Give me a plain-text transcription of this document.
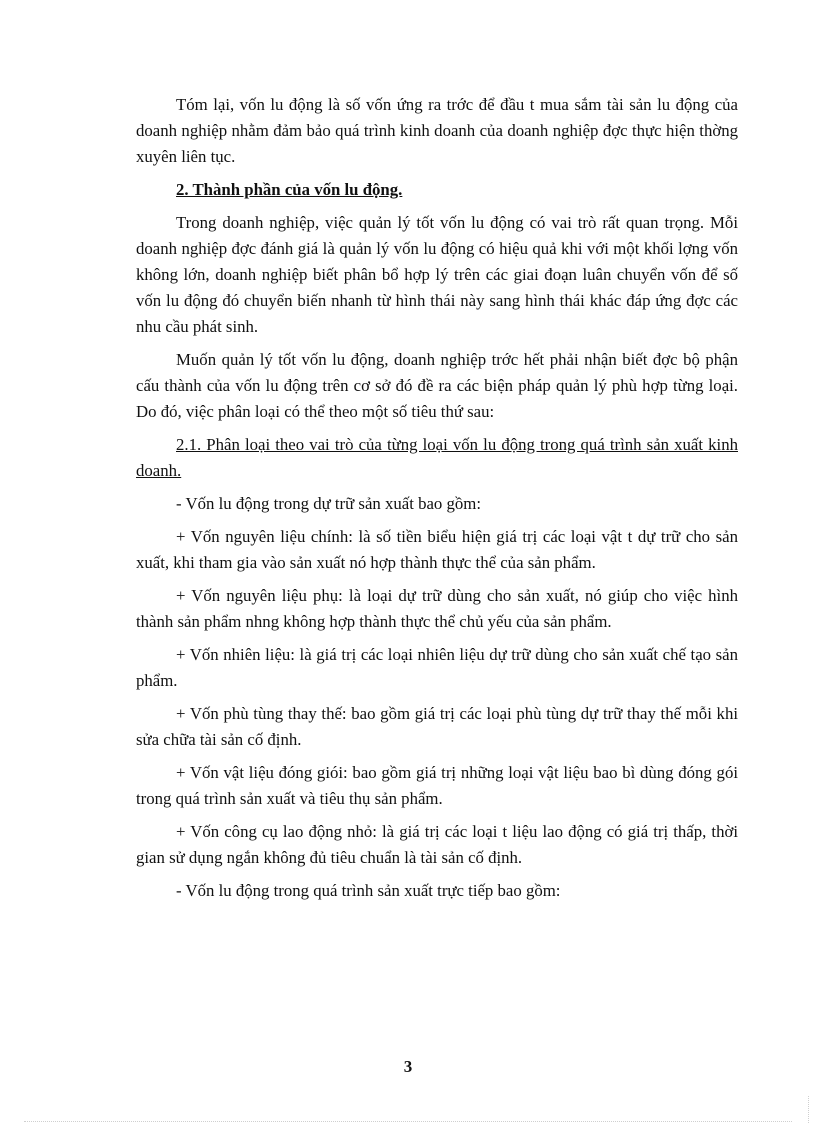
Tóm lại, vốn lu động là số vốn ứng ra trớc để đầu t mua sắm tài sản lu động của doanh nghiệp nhằm đảm bảo quá trình kinh doanh của doanh nghiệp đợc thực hiện thờng xuyên liên tục.

2. Thành phần của vốn lu động.

Trong doanh nghiệp, việc quản lý tốt vốn lu động có vai trò rất quan trọng. Mỗi doanh nghiệp đợc đánh giá là quản lý vốn lu động có hiệu quả khi với một khối lợng vốn không lớn, doanh nghiệp biết phân bổ hợp lý trên các giai đoạn luân chuyển vốn để số vốn lu động đó chuyển biến nhanh từ hình thái này sang hình thái khác đáp ứng đợc các nhu cầu phát sinh.

Muốn quản lý tốt vốn lu động, doanh nghiệp trớc hết phải nhận biết đợc bộ phận cấu thành của vốn lu động trên cơ sở đó đề ra các biện pháp quản lý phù hợp từng loại. Do đó, việc phân loại có thể theo một số tiêu thứ sau:

2.1. Phân loại theo vai trò của từng loại vốn lu động trong quá trình sản xuất kinh doanh.

- Vốn lu động trong dự trữ sản xuất bao gồm:

+ Vốn nguyên liệu chính: là số tiền biểu hiện giá trị các loại vật t dự trữ cho sản xuất, khi tham gia vào sản xuất nó hợp thành thực thể của sản phẩm.

+ Vốn nguyên liệu phụ: là loại dự trữ dùng cho sản xuất, nó giúp cho việc hình thành sản phẩm nhng không hợp thành thực thể chủ yếu của sản phẩm.

+ Vốn nhiên liệu: là giá trị các loại nhiên liệu dự trữ dùng cho sản xuất chế tạo sản phẩm.

+ Vốn phù tùng thay thế: bao gồm giá trị các loại phù tùng dự trữ thay thế mỗi khi sửa chữa tài sản cố định.

+ Vốn vật liệu đóng giói: bao gồm giá trị những loại vật liệu bao bì dùng đóng gói trong quá trình sản xuất và tiêu thụ sản phẩm.

+ Vốn công cụ lao động nhỏ: là giá trị các loại t liệu lao động có giá trị thấp, thời gian sử dụng ngắn không đủ tiêu chuẩn là tài sản cố định.

- Vốn lu động trong quá trình sản xuất trực tiếp bao gồm:

3
